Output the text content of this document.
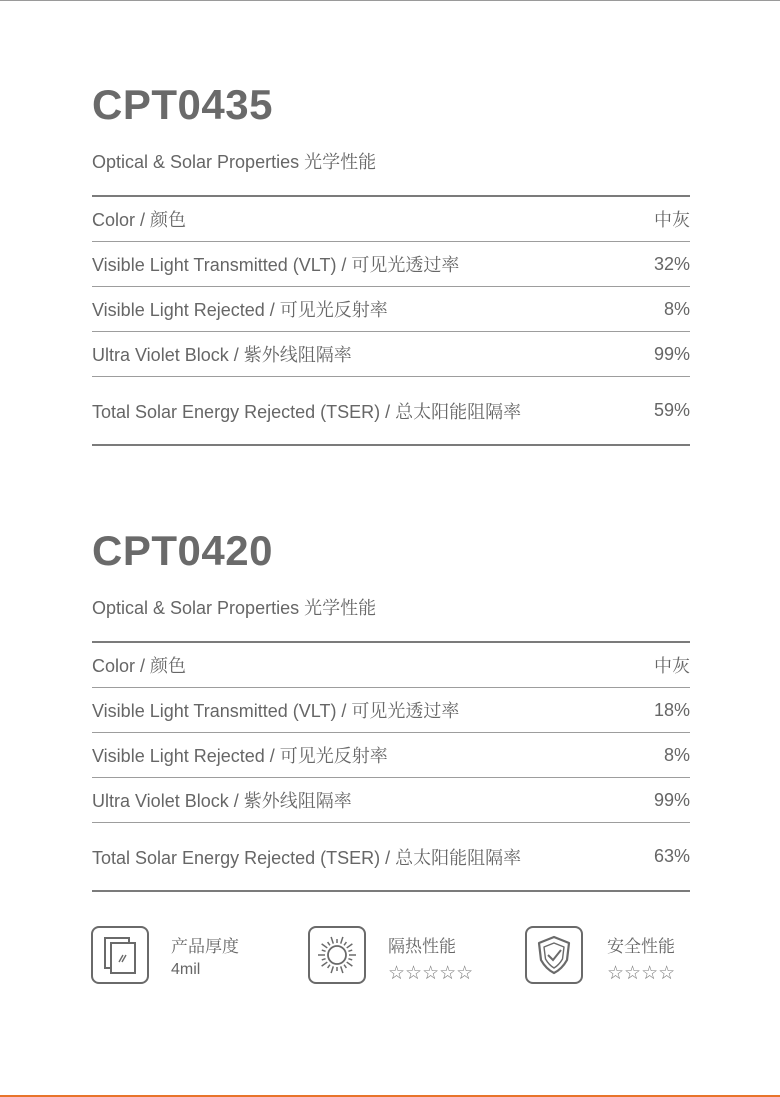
CPT0435
Optical & Solar Properties 光学性能
Color / 颜色	中灰
Visible Light Transmitted (VLT) / 可见光透过率	32%
Visible Light Rejected / 可见光反射率	8%
Ultra Violet Block / 紫外线阻隔率	99%
Total Solar Energy Rejected (TSER) / 总太阳能阻隔率	59%
CPT0420
Optical & Solar Properties 光学性能
Color / 颜色	中灰
Visible Light Transmitted (VLT) / 可见光透过率	18%
Visible Light Rejected / 可见光反射率	8%
Ultra Violet Block / 紫外线阻隔率	99%
Total Solar Energy Rejected (TSER) / 总太阳能阻隔率	63%
产品厚度
4mil
隔热性能
☆☆☆☆☆
安全性能
☆☆☆☆
